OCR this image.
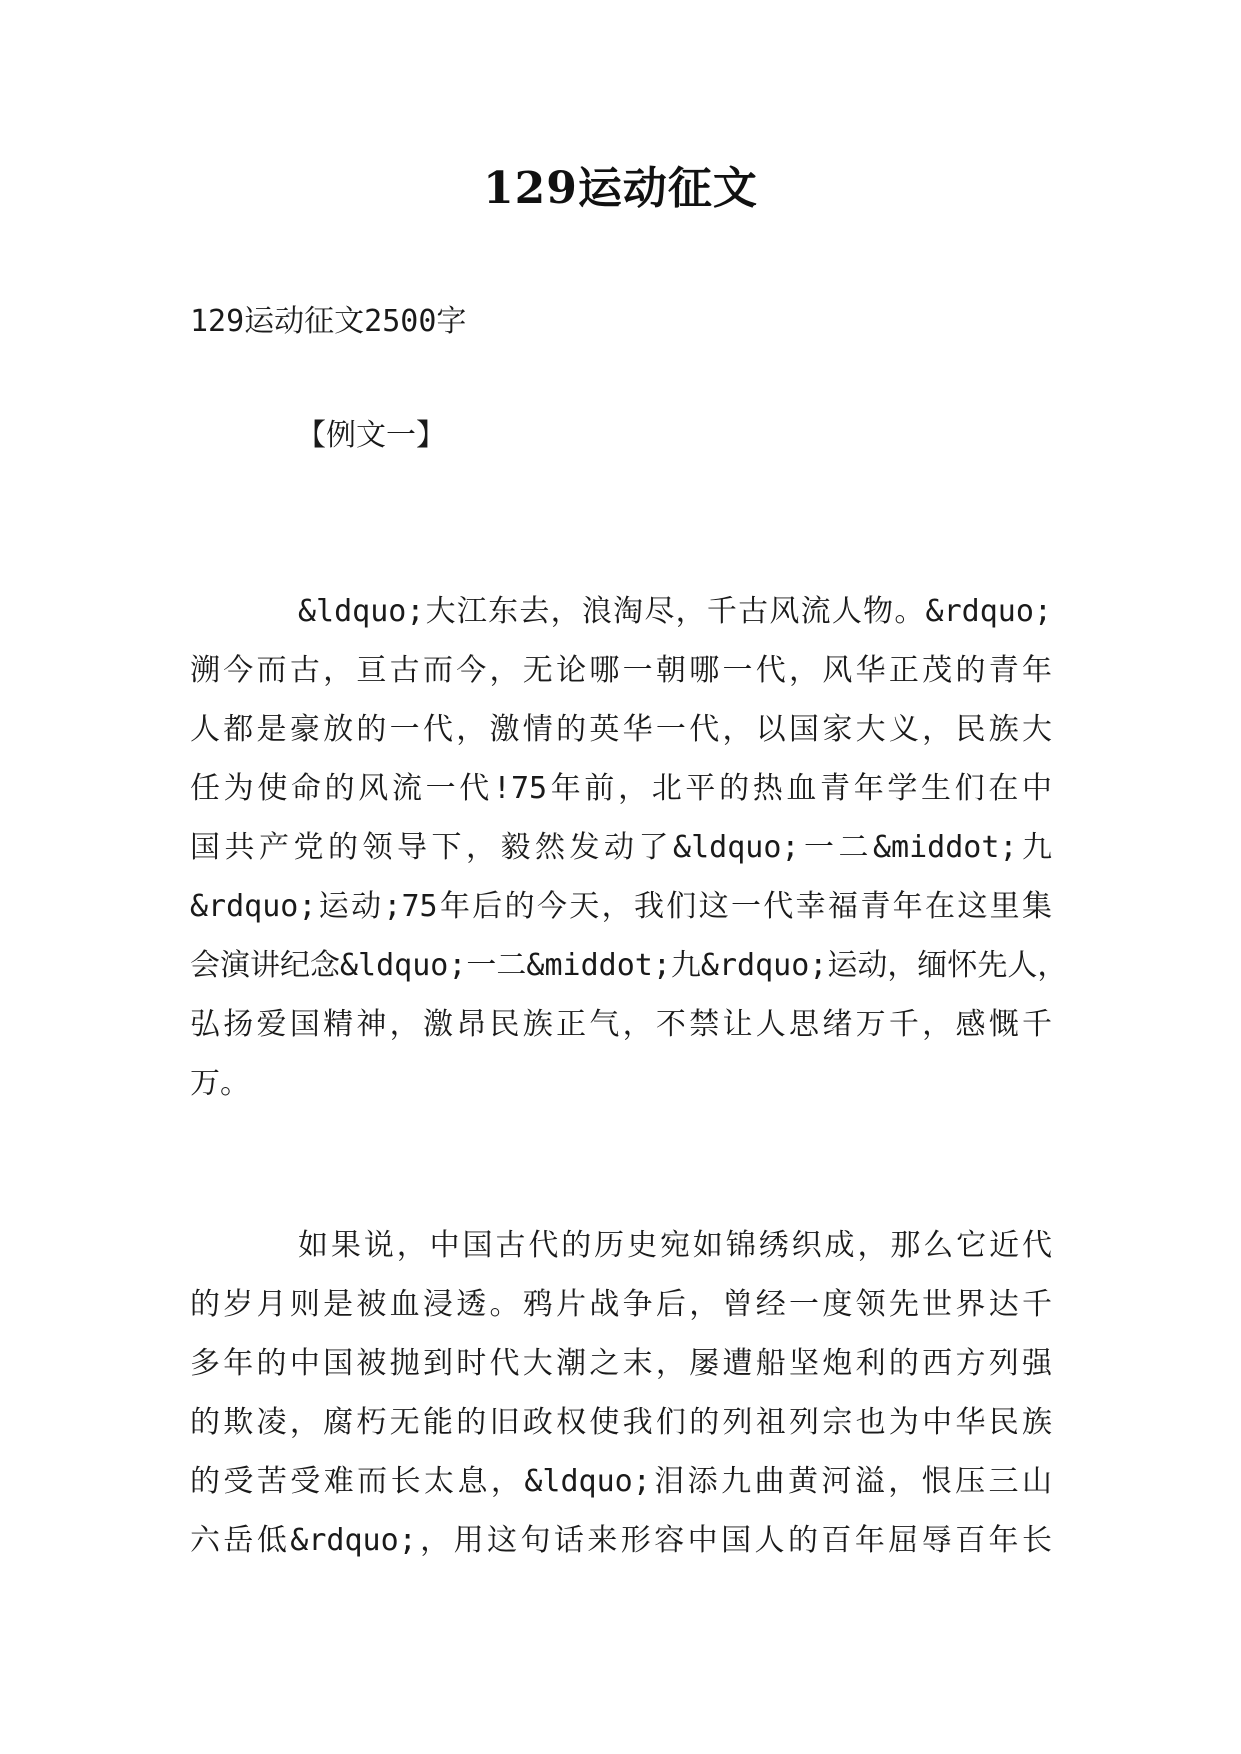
129运动征文
129运动征文2500字
【例文一】
&ldquo;大江东去，浪淘尽，千古风流人物。&rdquo;
溯今而古，亘古而今，无论哪一朝哪一代，风华正茂的青年
人都是豪放的一代，激情的英华一代，以国家大义，民族大
任为使命的风流一代!75年前，北平的热血青年学生们在中
国共产党的领导下，毅然发动了&ldquo;一二&middot;九
&rdquo;运动;75年后的今天，我们这一代幸福青年在这里集
会演讲纪念&ldquo;一二&middot;九&rdquo;运动，缅怀先人，
弘扬爱国精神，激昂民族正气，不禁让人思绪万千，感慨千
万。
如果说，中国古代的历史宛如锦绣织成，那么它近代
的岁月则是被血浸透。鸦片战争后，曾经一度领先世界达千
多年的中国被抛到时代大潮之末，屡遭船坚炮利的西方列强
的欺凌，腐朽无能的旧政权使我们的列祖列宗也为中华民族
的受苦受难而长太息，&ldquo;泪添九曲黄河溢，恨压三山
六岳低&rdquo;，用这句话来形容中国人的百年屈辱百年长
